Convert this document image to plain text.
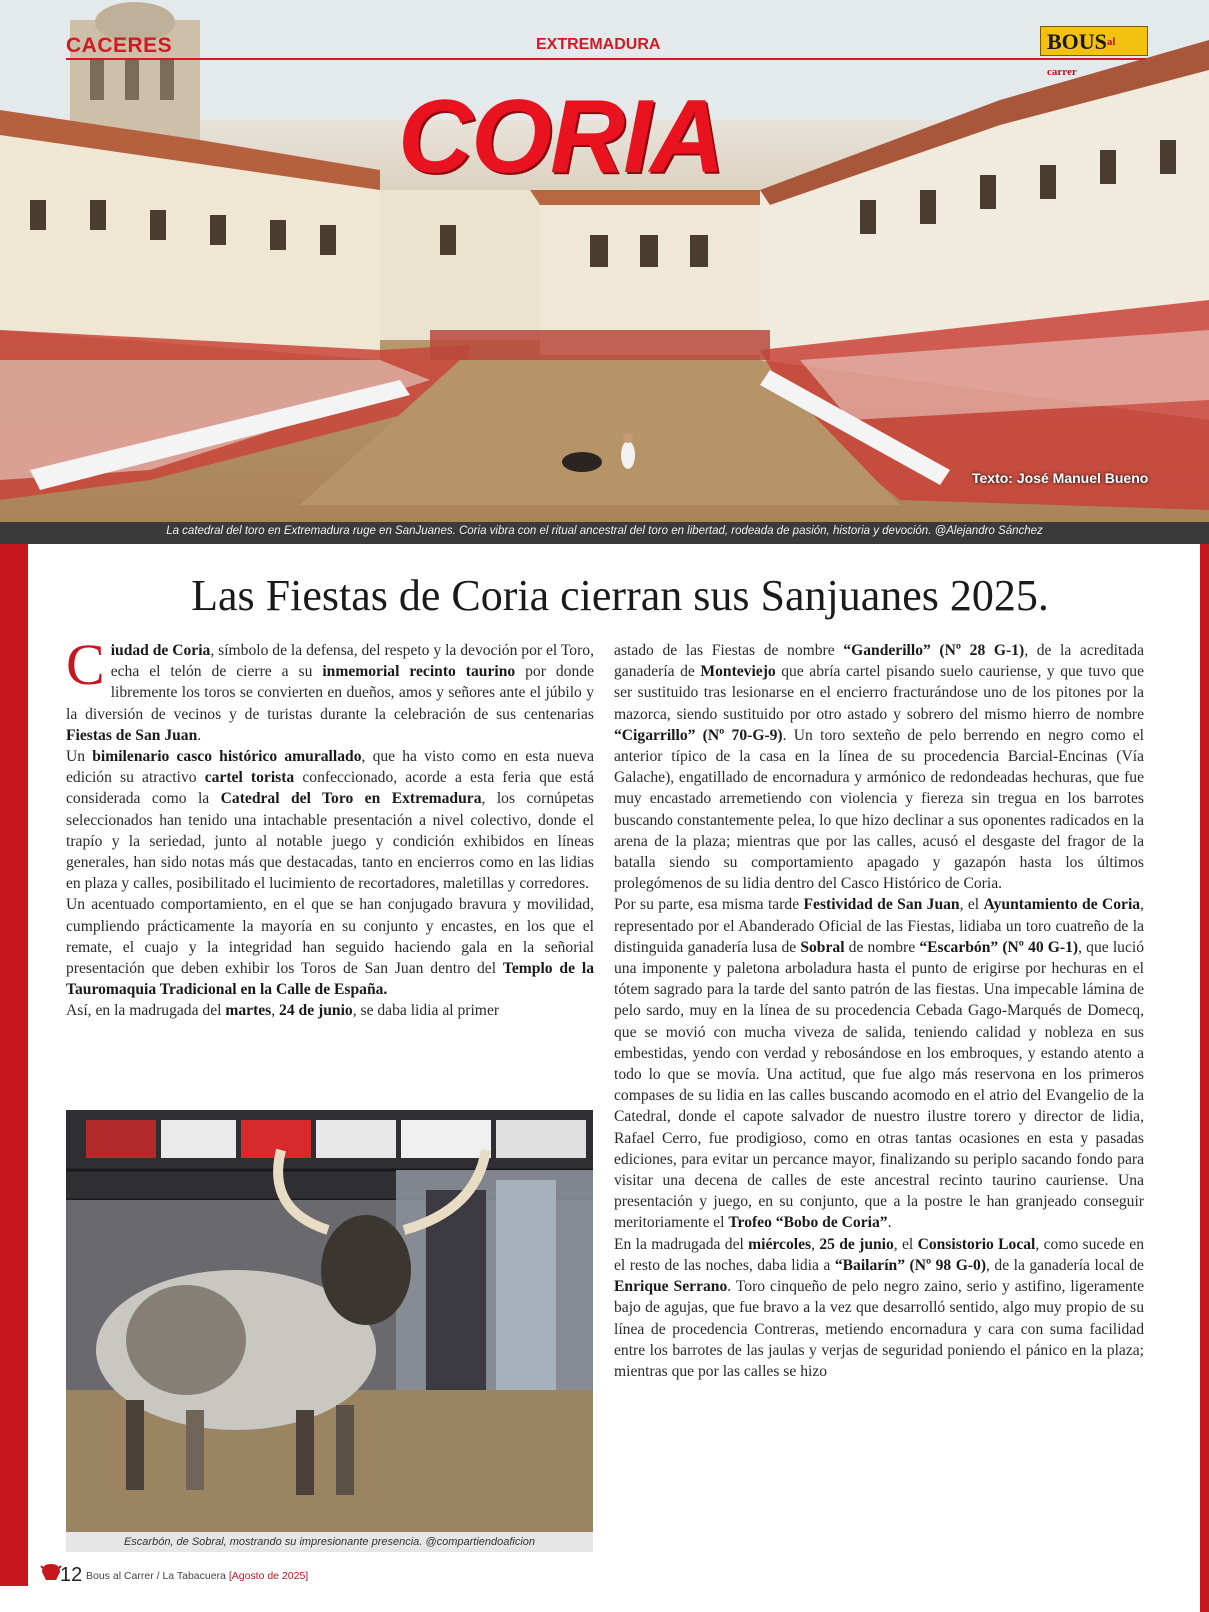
CACERES	EXTREMADURA	$BOUS^{al carrer}$
CORIA
Texto: José Manuel Bueno
La catedral del toro en Extremadura ruge en SanJuanes. Coria vibra con el ritual ancestral del toro en libertad, rodeada de pasión, historia y devoción. @Alejandro Sánchez
Las Fiestas de Coria cierran sus Sanjuanes 2025.

Ciudad de Coria, símbolo de la defensa, del respeto y la devoción por el Toro, echa el telón de cierre a su inmemorial recinto taurino por donde libremente los toros se convierten en dueños, amos y señores ante el júbilo y la diversión de vecinos y de turistas durante la celebración de sus centenarias Fiestas de San Juan.

Un bimilenario casco histórico amurallado, que ha visto como en esta nueva edición su atractivo cartel torista confeccionado, acorde a esta feria que está considerada como la Catedral del Toro en Extremadura, los cornúpetas seleccionados han tenido una intachable presentación a nivel colectivo, donde el trapío y la seriedad, junto al notable juego y condición exhibidos en líneas generales, han sido notas más que destacadas, tanto en encierros como en las lidias en plaza y calles, posibilitado el lucimiento de recortadores, maletillas y corredores.

Un acentuado comportamiento, en el que se han conjugado bravura y movilidad, cumpliendo prácticamente la mayoría en su conjunto y encastes, en los que el remate, el cuajo y la integridad han seguido haciendo gala en la señorial presentación que deben exhibir los Toros de San Juan dentro del Templo de la Tauromaquia Tradicional en la Calle de España.

Así, en la madrugada del martes, 24 de junio, se daba lidia al primer

Escarbón, de Sobral, mostrando su impresionante presencia. @compartiendoaficion

astado de las Fiestas de nombre “Ganderillo” (Nº 28 G-1), de la acreditada ganadería de Monteviejo que abría cartel pisando suelo cauriense, y que tuvo que ser sustituido tras lesionarse en el encierro fracturándose uno de los pitones por la mazorca, siendo sustituido por otro astado y sobrero del mismo hierro de nombre “Cigarrillo” (Nº 70-G-9). Un toro sexteño de pelo berrendo en negro como el anterior típico de la casa en la línea de su procedencia Barcial-Encinas (Vía Galache), engatillado de encornadura y armónico de redondeadas hechuras, que fue muy encastado arremetiendo con violencia y fiereza sin tregua en los barrotes buscando constantemente pelea, lo que hizo declinar a sus oponentes radicados en la arena de la plaza; mientras que por las calles, acusó el desgaste del fragor de la batalla siendo su comportamiento apagado y gazapón hasta los últimos prolegómenos de su lidia dentro del Casco Histórico de Coria.

Por su parte, esa misma tarde Festividad de San Juan, el Ayuntamiento de Coria, representado por el Abanderado Oficial de las Fiestas, lidiaba un toro cuatreño de la distinguida ganadería lusa de Sobral de nombre “Escarbón” (Nº 40 G-1), que lució una imponente y paletona arboladura hasta el punto de erigirse por hechuras en el tótem sagrado para la tarde del santo patrón de las fiestas. Una impecable lámina de pelo sardo, muy en la línea de su procedencia Cebada Gago-Marqués de Domecq, que se movió con mucha viveza de salida, teniendo calidad y nobleza en sus embestidas, yendo con verdad y rebosándose en los embroques, y estando atento a todo lo que se movía. Una actitud, que fue algo más reservona en los primeros compases de su lidia en las calles buscando acomodo en el atrio del Evangelio de la Catedral, donde el capote salvador de nuestro ilustre torero y director de lidia, Rafael Cerro, fue prodigioso, como en otras tantas ocasiones en esta y pasadas ediciones, para evitar un percance mayor, finalizando su periplo sacando fondo para visitar una decena de calles de este ancestral recinto taurino cauriense. Una presentación y juego, en su conjunto, que a la postre le han granjeado conseguir meritoriamente el Trofeo “Bobo de Coria”.

En la madrugada del miércoles, 25 de junio, el Consistorio Local, como sucede en el resto de las noches, daba lidia a “Bailarín” (Nº 98 G-0), de la ganadería local de Enrique Serrano. Toro cinqueño de pelo negro zaino, serio y astifino, ligeramente bajo de agujas, que fue bravo a la vez que desarrolló sentido, algo muy propio de su línea de procedencia Contreras, metiendo encornadura y cara con suma facilidad entre los barrotes de las jaulas y verjas de seguridad poniendo el pánico en la plaza; mientras que por las calles se hizo

12 Bous al Carrer / La Tabacuera [Agosto de 2025]
